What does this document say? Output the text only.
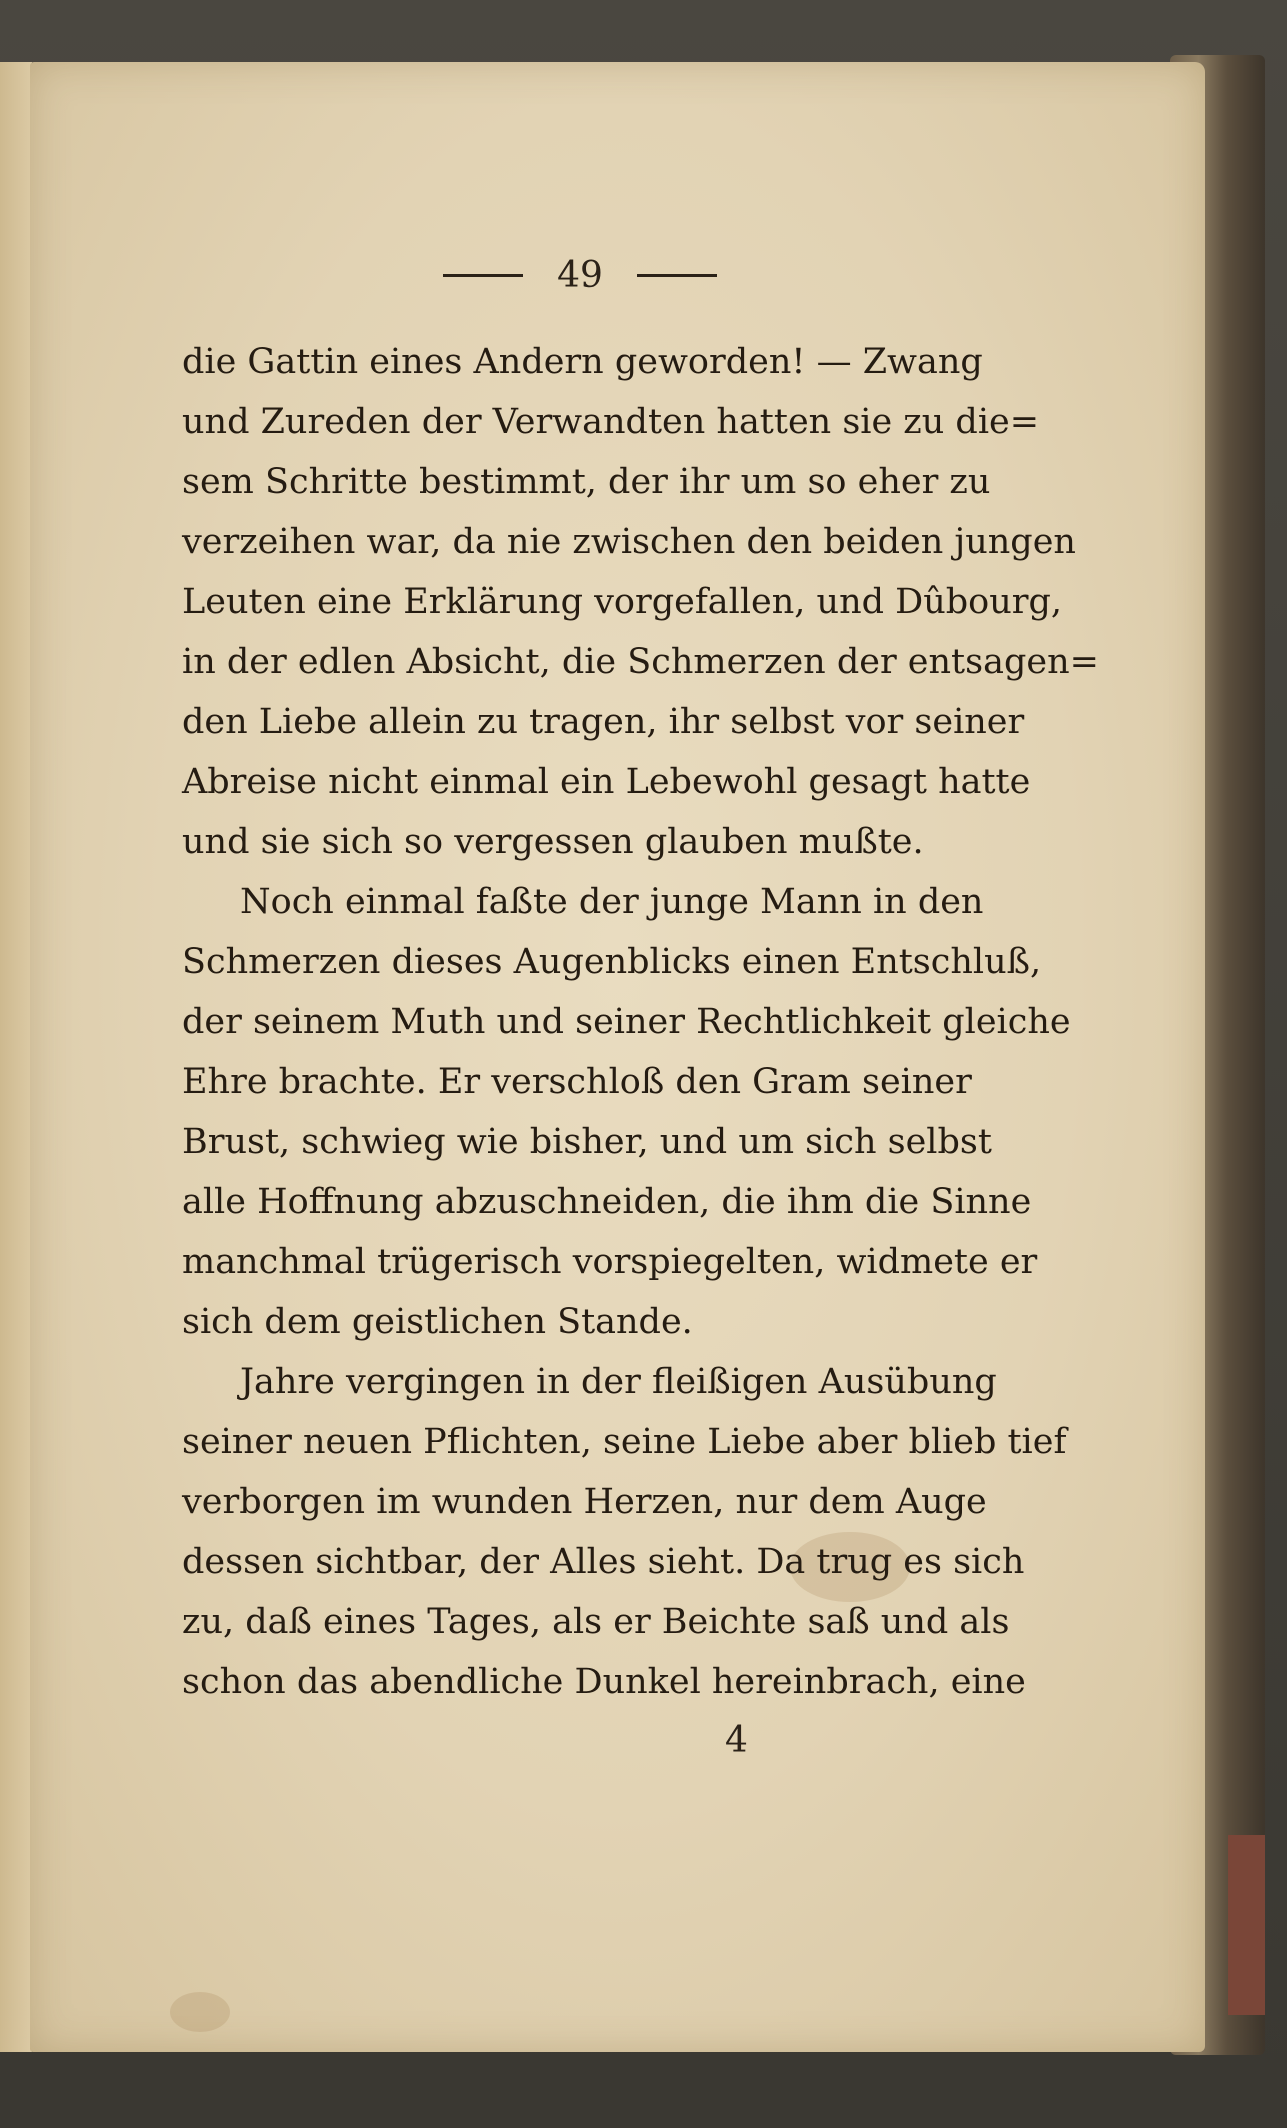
49
die Gattin eines Andern geworden! — Zwang
und Zureden der Verwandten hatten sie zu die=
sem Schritte bestimmt, der ihr um so eher zu
verzeihen war, da nie zwischen den beiden jungen
Leuten eine Erklärung vorgefallen, und Dûbourg,
in der edlen Absicht, die Schmerzen der entsagen=
den Liebe allein zu tragen, ihr selbst vor seiner
Abreise nicht einmal ein Lebewohl gesagt hatte
und sie sich so vergessen glauben mußte.
Noch einmal faßte der junge Mann in den
Schmerzen dieses Augenblicks einen Entschluß,
der seinem Muth und seiner Rechtlichkeit gleiche
Ehre brachte. Er verschloß den Gram seiner
Brust, schwieg wie bisher, und um sich selbst
alle Hoffnung abzuschneiden, die ihm die Sinne
manchmal trügerisch vorspiegelten, widmete er
sich dem geistlichen Stande.
Jahre vergingen in der fleißigen Ausübung
seiner neuen Pflichten, seine Liebe aber blieb tief
verborgen im wunden Herzen, nur dem Auge
dessen sichtbar, der Alles sieht. Da trug es sich
zu, daß eines Tages, als er Beichte saß und als
schon das abendliche Dunkel hereinbrach, eine
4
